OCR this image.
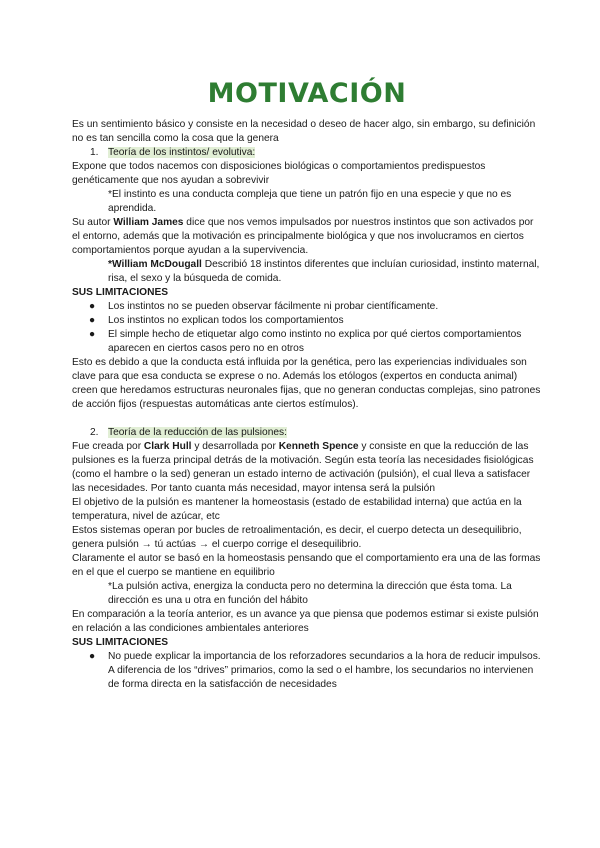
MOTIVACIÓN

Es un sentimiento básico y consiste en la necesidad o deseo de hacer algo, sin embargo, su definición no es tan sencilla como la cosa que la genera

1. Teoría de los instintos/ evolutiva:

Expone que todos nacemos con disposiciones biológicas o comportamientos predispuestos genéticamente que nos ayudan a sobrevivir

*El instinto es una conducta compleja que tiene un patrón fijo en una especie y que no es aprendida.

Su autor William James dice que nos vemos impulsados por nuestros instintos que son activados por el entorno, además que la motivación es principalmente biológica y que nos involucramos en ciertos comportamientos porque ayudan a la supervivencia.

*William McDougall Describió 18 instintos diferentes que incluían curiosidad, instinto maternal, risa, el sexo y la búsqueda de comida.

SUS LIMITACIONES

● Los instintos no se pueden observar fácilmente ni probar científicamente.
● Los instintos no explican todos los comportamientos
● El simple hecho de etiquetar algo como instinto no explica por qué ciertos comportamientos aparecen en ciertos casos pero no en otros

Esto es debido a que la conducta está influida por la genética, pero las experiencias individuales son clave para que esa conducta se exprese o no. Además los etólogos (expertos en conducta animal) creen que heredamos estructuras neuronales fijas, que no generan conductas complejas, sino patrones de acción fijos (respuestas automáticas ante ciertos estímulos).

2. Teoría de la reducción de las pulsiones:

Fue creada por Clark Hull y desarrollada por Kenneth Spence y consiste en que la reducción de las pulsiones es la fuerza principal detrás de la motivación. Según esta teoría las necesidades fisiológicas (como el hambre o la sed) generan un estado interno de activación (pulsión), el cual lleva a satisfacer las necesidades. Por tanto cuanta más necesidad, mayor intensa será la pulsión

El objetivo de la pulsión es mantener la homeostasis (estado de estabilidad interna) que actúa en la temperatura, nivel de azúcar, etc

Estos sistemas operan por bucles de retroalimentación, es decir, el cuerpo detecta un desequilibrio, genera pulsión → tú actúas → el cuerpo corrige el desequilibrio.

Claramente el autor se basó en la homeostasis pensando que el comportamiento era una de las formas en el que el cuerpo se mantiene en equilibrio

*La pulsión activa, energiza la conducta pero no determina la dirección que ésta toma. La dirección es una u otra en función del hábito

En comparación a la teoría anterior, es un avance ya que piensa que podemos estimar si existe pulsión en relación a las condiciones ambientales anteriores

SUS LIMITACIONES

● No puede explicar la importancia de los reforzadores secundarios a la hora de reducir impulsos. A diferencia de los “drives” primarios, como la sed o el hambre, los secundarios no intervienen de forma directa en la satisfacción de necesidades
